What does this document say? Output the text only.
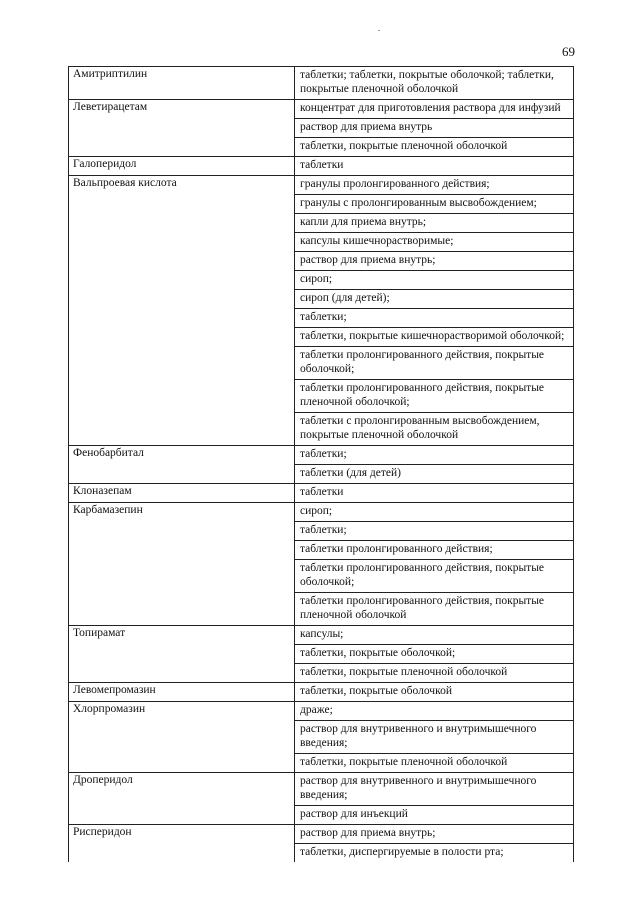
69
Амитриптилин	таблетки; таблетки, покрытые оболочкой; таблетки, покрытые пленочной оболочкой
Леветирацетам	концентрат для приготовления раствора для инфузий
раствор для приема внутрь
таблетки, покрытые пленочной оболочкой
Галоперидол	таблетки
Вальпроевая кислота	гранулы пролонгированного действия;
гранулы с пролонгированным высвобождением;
капли для приема внутрь;
капсулы кишечнорастворимые;
раствор для приема внутрь;
сироп;
сироп (для детей);
таблетки;
таблетки, покрытые кишечнорастворимой оболочкой;
таблетки пролонгированного действия, покрытые оболочкой;
таблетки пролонгированного действия, покрытые пленочной оболочкой;
таблетки с пролонгированным высвобождением, покрытые пленочной оболочкой
Фенобарбитал	таблетки;
таблетки (для детей)
Клоназепам	таблетки
Карбамазепин	сироп;
таблетки;
таблетки пролонгированного действия;
таблетки пролонгированного действия, покрытые оболочкой;
таблетки пролонгированного действия, покрытые пленочной оболочкой
Топирамат	капсулы;
таблетки, покрытые оболочкой;
таблетки, покрытые пленочной оболочкой
Левомепромазин	таблетки, покрытые оболочкой
Хлорпромазин	драже;
раствор для внутривенного и внутримышечного введения;
таблетки, покрытые пленочной оболочкой
Дроперидол	раствор для внутривенного и внутримышечного введения;
раствор для инъекций
Рисперидон	раствор для приема внутрь;
таблетки, диспергируемые в полости рта;
